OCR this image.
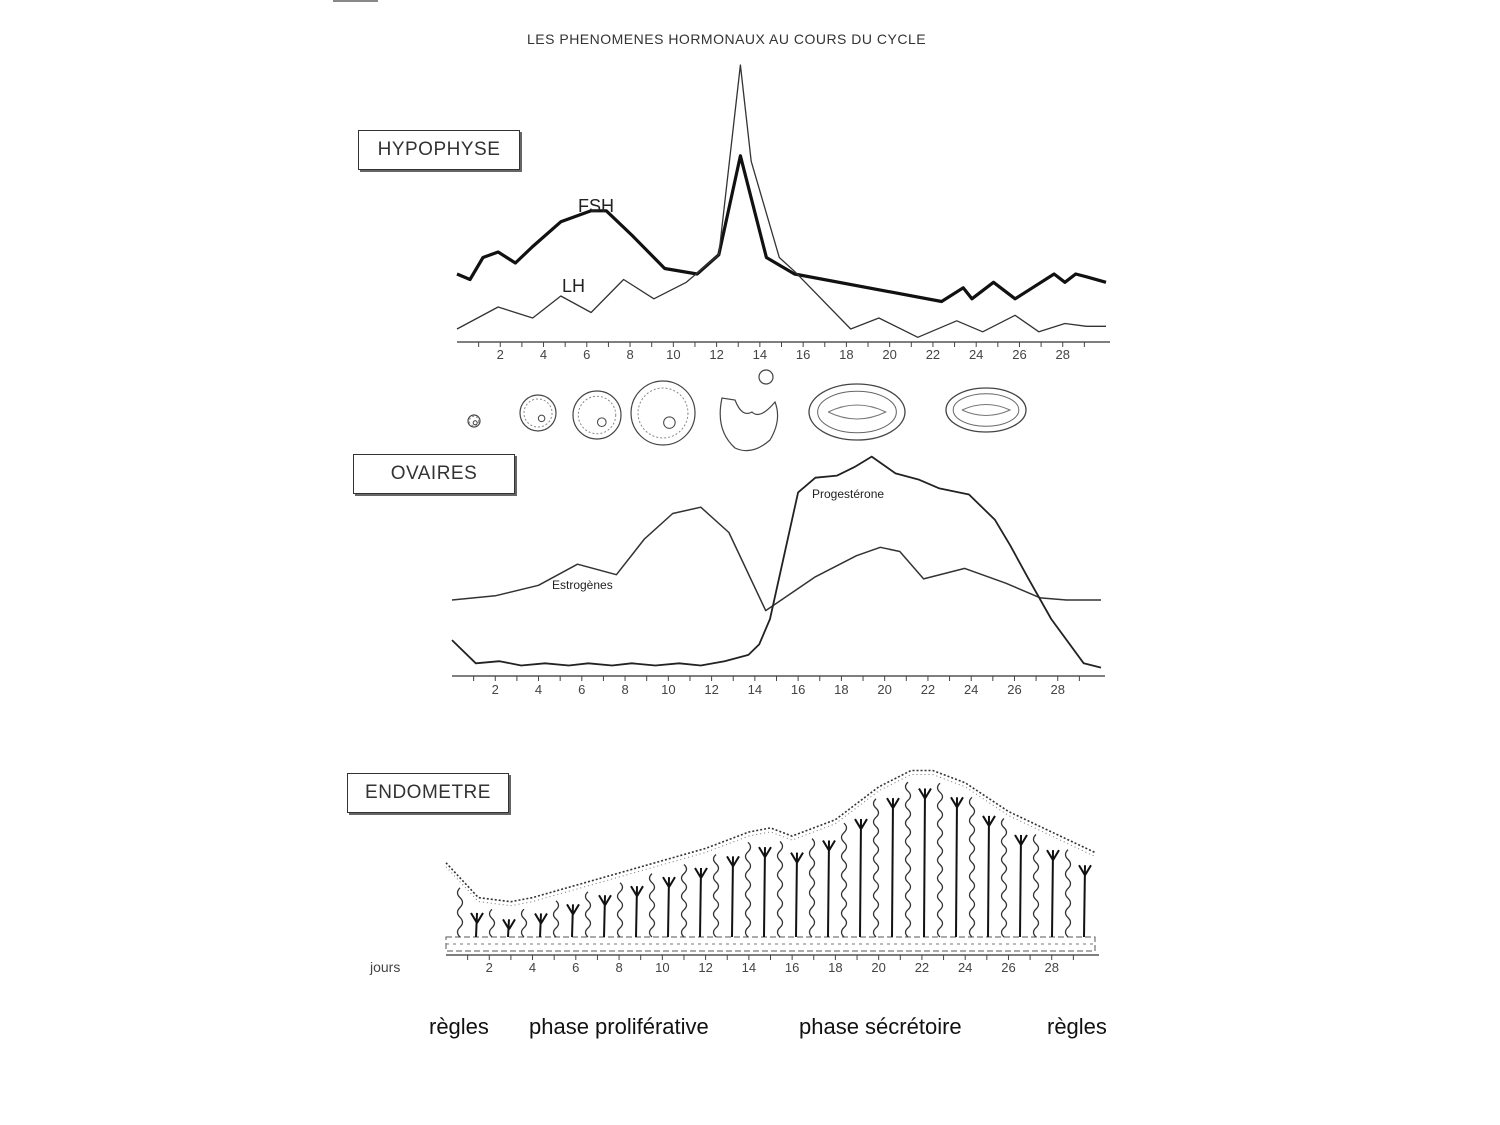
LES PHENOMENES HORMONAUX AU COURS DU CYCLE
HYPOPHYSE
OVAIRES
ENDOMETRE
2	4	6	8 10 12 14 16 18 20 22 24 26 28
FSH
LH
2	4	6	8 10 12 14 16 18 20 22 24 26 28
Estrogènes
Progestérone
2	4	6	8 10 12 14 16 18 20 22 24 26 28
jours
règles phase proliférative	phase sécrétoire	règles
